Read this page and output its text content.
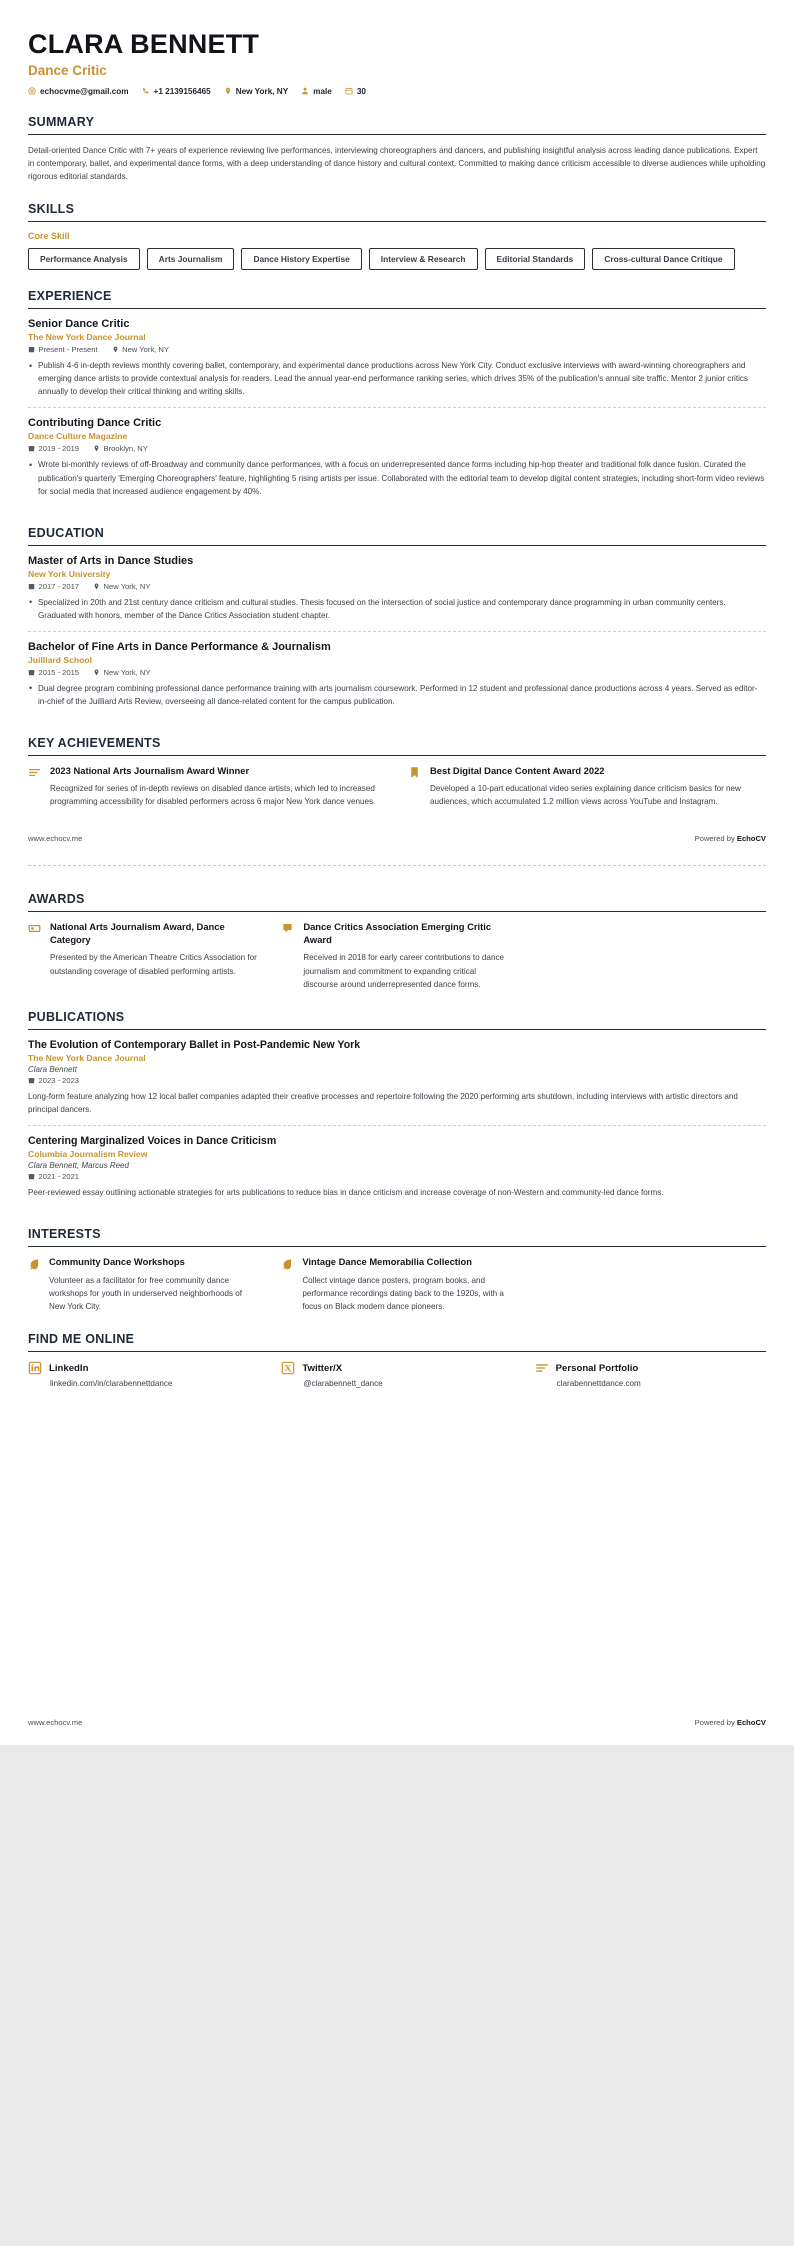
CLARA BENNETT
Dance Critic
echocvme@gmail.com	+1 2139156465	New York, NY	male	30
SUMMARY
Detail-oriented Dance Critic with 7+ years of experience reviewing live performances, interviewing choreographers and dancers, and publishing insightful analysis across leading dance publications. Expert in contemporary, ballet, and experimental dance forms, with a deep understanding of dance history and cultural context. Committed to making dance criticism accessible to diverse audiences while upholding rigorous editorial standards.
SKILLS
Core Skill
Performance Analysis	Arts Journalism	Dance History Expertise	Interview & Research	Editorial Standards	Cross-cultural Dance Critique
EXPERIENCE
Senior Dance Critic
The New York Dance Journal
Present - Present	New York, NY
• Publish 4-6 in-depth reviews monthly covering ballet, contemporary, and experimental dance productions across New York City. Conduct exclusive interviews with award-winning choreographers and emerging dance artists to provide contextual analysis for readers. Lead the annual year-end performance ranking series, which drives 35% of the publication's annual site traffic. Mentor 2 junior critics annually to develop their critical thinking and writing skills.
Contributing Dance Critic
Dance Culture Magazine
2019 - 2019	Brooklyn, NY
• Wrote bi-monthly reviews of off-Broadway and community dance performances, with a focus on underrepresented dance forms including hip-hop theater and traditional folk dance fusion. Curated the publication's quarterly 'Emerging Choreographers' feature, highlighting 5 rising artists per issue. Collaborated with the editorial team to develop digital content strategies, including short-form video reviews for social media that increased audience engagement by 40%.
EDUCATION
Master of Arts in Dance Studies
New York University
2017 - 2017	New York, NY
• Specialized in 20th and 21st century dance criticism and cultural studies. Thesis focused on the intersection of social justice and contemporary dance programming in urban community centers. Graduated with honors, member of the Dance Critics Association student chapter.
Bachelor of Fine Arts in Dance Performance & Journalism
Juilliard School
2015 - 2015	New York, NY
• Dual degree program combining professional dance performance training with arts journalism coursework. Performed in 12 student and professional dance productions across 4 years. Served as editor-in-chief of the Juilliard Arts Review, overseeing all dance-related content for the campus publication.
KEY ACHIEVEMENTS
2023 National Arts Journalism Award Winner
Recognized for series of in-depth reviews on disabled dance artists, which led to increased programming accessibility for disabled performers across 6 major New York dance venues.
Best Digital Dance Content Award 2022
Developed a 10-part educational video series explaining dance criticism basics for new audiences, which accumulated 1.2 million views across YouTube and Instagram.
www.echocv.me	Powered by EchoCV
AWARDS
National Arts Journalism Award, Dance Category
Presented by the American Theatre Critics Association for outstanding coverage of disabled performing artists.
Dance Critics Association Emerging Critic Award
Received in 2018 for early career contributions to dance journalism and commitment to expanding critical discourse around underrepresented dance forms.
PUBLICATIONS
The Evolution of Contemporary Ballet in Post-Pandemic New York
The New York Dance Journal
Clara Bennett
2023 - 2023
Long-form feature analyzing how 12 local ballet companies adapted their creative processes and repertoire following the 2020 performing arts shutdown, including interviews with artistic directors and principal dancers.
Centering Marginalized Voices in Dance Criticism
Columbia Journalism Review
Clara Bennett, Marcus Reed
2021 - 2021
Peer-reviewed essay outlining actionable strategies for arts publications to reduce bias in dance criticism and increase coverage of non-Western and community-led dance forms.
INTERESTS
Community Dance Workshops
Volunteer as a facilitator for free community dance workshops for youth in underserved neighborhoods of New York City.
Vintage Dance Memorabilia Collection
Collect vintage dance posters, program books, and performance recordings dating back to the 1920s, with a focus on Black modern dance pioneers.
FIND ME ONLINE
LinkedIn
linkedin.com/in/clarabennettdance
Twitter/X
@clarabennett_dance
Personal Portfolio
clarabennettdance.com
www.echocv.me	Powered by EchoCV
